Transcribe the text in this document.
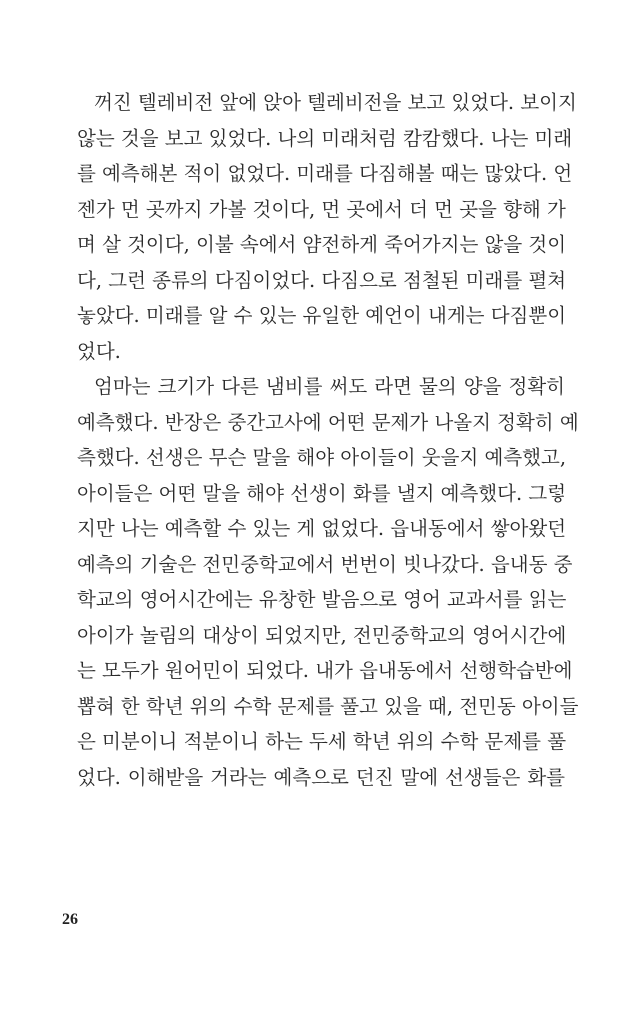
꺼진 텔레비전 앞에 앉아 텔레비전을 보고 있었다. 보이지
않는 것을 보고 있었다. 나의 미래처럼 캄캄했다. 나는 미래
를 예측해본 적이 없었다. 미래를 다짐해볼 때는 많았다. 언
젠가 먼 곳까지 가볼 것이다, 먼 곳에서 더 먼 곳을 향해 가
며 살 것이다, 이불 속에서 얌전하게 죽어가지는 않을 것이
다, 그런 종류의 다짐이었다. 다짐으로 점철된 미래를 펼쳐
놓았다. 미래를 알 수 있는 유일한 예언이 내게는 다짐뿐이
었다.
엄마는 크기가 다른 냄비를 써도 라면 물의 양을 정확히
예측했다. 반장은 중간고사에 어떤 문제가 나올지 정확히 예
측했다. 선생은 무슨 말을 해야 아이들이 웃을지 예측했고,
아이들은 어떤 말을 해야 선생이 화를 낼지 예측했다. 그렇
지만 나는 예측할 수 있는 게 없었다. 읍내동에서 쌓아왔던
예측의 기술은 전민중학교에서 번번이 빗나갔다. 읍내동 중
학교의 영어시간에는 유창한 발음으로 영어 교과서를 읽는
아이가 놀림의 대상이 되었지만, 전민중학교의 영어시간에
는 모두가 원어민이 되었다. 내가 읍내동에서 선행학습반에
뽑혀 한 학년 위의 수학 문제를 풀고 있을 때, 전민동 아이들
은 미분이니 적분이니 하는 두세 학년 위의 수학 문제를 풀
었다. 이해받을 거라는 예측으로 던진 말에 선생들은 화를
26
